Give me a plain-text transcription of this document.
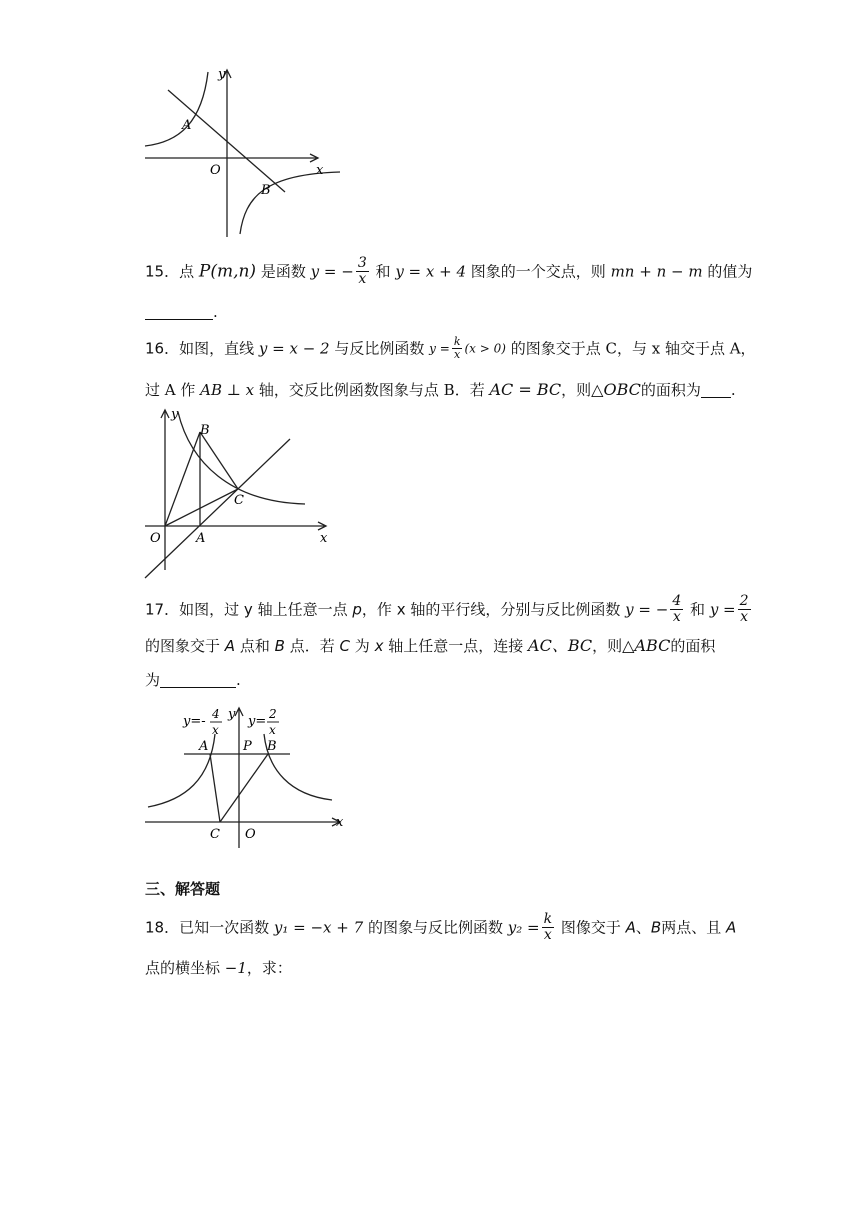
y
x
O
A
B
15．点 P(m,n) 是函数 y = − $\frac{3}{x}$ 和 y = x + 4 图象的一个交点，则 mn + n − m 的值为
.
16．如图，直线 y = x − 2 与反比例函数 $y = \frac{k}{x} (x > 0)$ 的图象交于点 C，与 x 轴交于点 A，
过 A 作 AB ⊥ x 轴，交反比例函数图象与点 B．若 AC = BC，则△OBC的面积为 .
y
x
O	A
B
C
17．如图，过 y 轴上任意一点 p，作 x 轴的平行线，分别与反比例函数 y = − $\frac{4}{x}$ 和 $y = \frac{2}{x}$
的图象交于 A 点和 B 点．若 C 为 x 轴上任意一点，连接 AC、BC，则△ABC的面积
为	.
y=- 4
x
y y= 2
x
A	P B
C O
x
三、解答题
18．已知一次函数 y₁ = −x + 7 的图象与反比例函数 $y_2 = \frac{k}{x}$ 图像交于 A、B两点、且 A
点的横坐标 −1，求：
